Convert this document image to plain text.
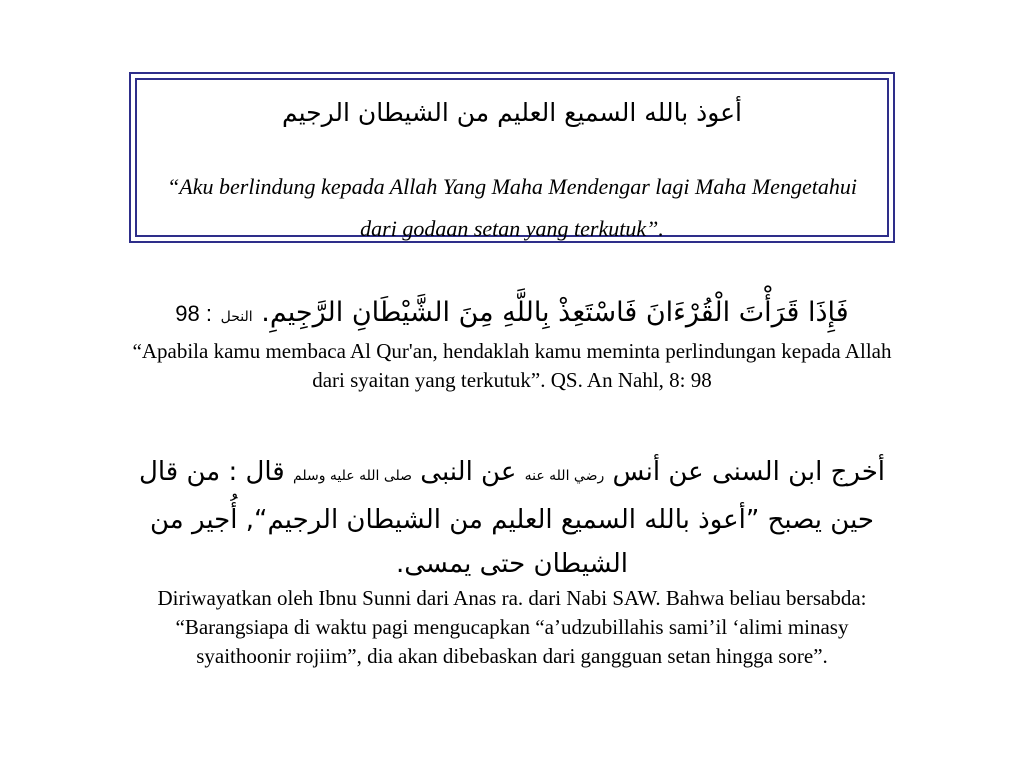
أعوذ بالله السميع العليم من الشيطان الرجيم
“Aku berlindung kepada Allah Yang Maha Mendengar lagi Maha Mengetahui dari godaan setan yang terkutuk”.
فَإِذَا قَرَأْتَ الْقُرْءَانَ فَاسْتَعِذْ بِاللَّهِ مِنَ الشَّيْطَانِ الرَّجِيمِ. النحل : 98
“Apabila kamu membaca Al Qur'an, hendaklah kamu meminta perlindungan kepada Allah dari syaitan yang terkutuk”. QS. An Nahl, 8: 98
أخرج ابن السنى عن أنس رضي الله عنه عن النبى صلى الله عليه وسلم قال : من قال حين يصبح ”أعوذ بالله السميع العليم من الشيطان الرجيم“, أُجير من الشيطان حتى يمسى.
Diriwayatkan oleh Ibnu Sunni dari Anas ra. dari Nabi SAW. Bahwa beliau bersabda: “Barangsiapa di waktu pagi mengucapkan “a’udzubillahis sami’il ‘alimi minasy syaithoonir rojiim”, dia akan dibebaskan dari gangguan setan hingga sore”.
